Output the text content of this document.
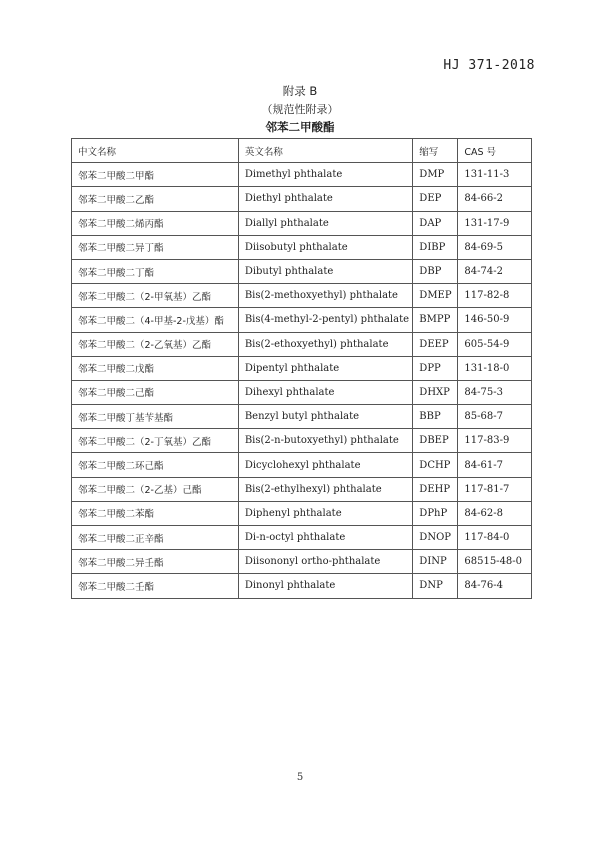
HJ 371-2018
附录 B
（规范性附录）
邻苯二甲酸酯
中文名称	英文名称	缩写	CAS 号
邻苯二甲酸二甲酯	Dimethyl phthalate	DMP	131-11-3
邻苯二甲酸二乙酯	Diethyl phthalate	DEP	84-66-2
邻苯二甲酸二烯丙酯	Diallyl phthalate	DAP	131-17-9
邻苯二甲酸二异丁酯	Diisobutyl phthalate	DIBP	84-69-5
邻苯二甲酸二丁酯	Dibutyl phthalate	DBP	84-74-2
邻苯二甲酸二（2-甲氧基）乙酯	Bis(2-methoxyethyl) phthalate	DMEP	117-82-8
邻苯二甲酸二（4-甲基-2-戊基）酯	Bis(4-methyl-2-pentyl) phthalate	BMPP	146-50-9
邻苯二甲酸二（2-乙氧基）乙酯	Bis(2-ethoxyethyl) phthalate	DEEP	605-54-9
邻苯二甲酸二戊酯	Dipentyl phthalate	DPP	131-18-0
邻苯二甲酸二己酯	Dihexyl phthalate	DHXP	84-75-3
邻苯二甲酸丁基苄基酯	Benzyl butyl phthalate	BBP	85-68-7
邻苯二甲酸二（2-丁氧基）乙酯	Bis(2-n-butoxyethyl) phthalate	DBEP	117-83-9
邻苯二甲酸二环己酯	Dicyclohexyl phthalate	DCHP	84-61-7
邻苯二甲酸二（2-乙基）己酯	Bis(2-ethylhexyl) phthalate	DEHP	117-81-7
邻苯二甲酸二苯酯	Diphenyl phthalate	DPhP	84-62-8
邻苯二甲酸二正辛酯	Di-n-octyl phthalate	DNOP	117-84-0
邻苯二甲酸二异壬酯	Diisononyl ortho-phthalate	DINP	68515-48-0
邻苯二甲酸二壬酯	Dinonyl phthalate	DNP	84-76-4
5
